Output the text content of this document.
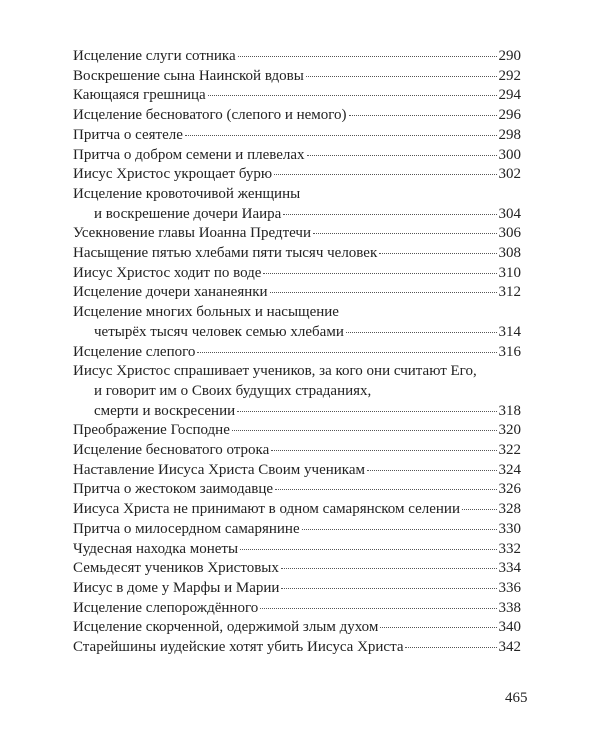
Исцеление слуги сотника	290
Воскрешение сына Наинской вдовы	292
Кающаяся грешница	294
Исцеление бесноватого (слепого и немого)	296
Притча о сеятеле	298
Притча о добром семени и плевелах	300
Иисус Христос укрощает бурю	302
Исцеление кровоточивой женщины
и воскрешение дочери Иаира	304
Усекновение главы Иоанна Предтечи	306
Насыщение пятью хлебами пяти тысяч человек	308
Иисус Христос ходит по воде	310
Исцеление дочери хананеянки	312
Исцеление многих больных и насыщение
четырёх тысяч человек семью хлебами	314
Исцеление слепого	316
Иисус Христос спрашивает учеников, за кого они считают Его,
и говорит им о Своих будущих страданиях,
смерти и воскресении	318
Преображение Господне	320
Исцеление бесноватого отрока	322
Наставление Иисуса Христа Своим ученикам	324
Притча о жестоком заимодавце	326
Иисуса Христа не принимают в одном самарянском селении	328
Притча о милосердном самарянине	330
Чудесная находка монеты	332
Семьдесят учеников Христовых	334
Иисус в доме у Марфы и Марии	336
Исцеление слепорождённого	338
Исцеление скорченной, одержимой злым духом	340
Старейшины иудейские хотят убить Иисуса Христа	342
465
